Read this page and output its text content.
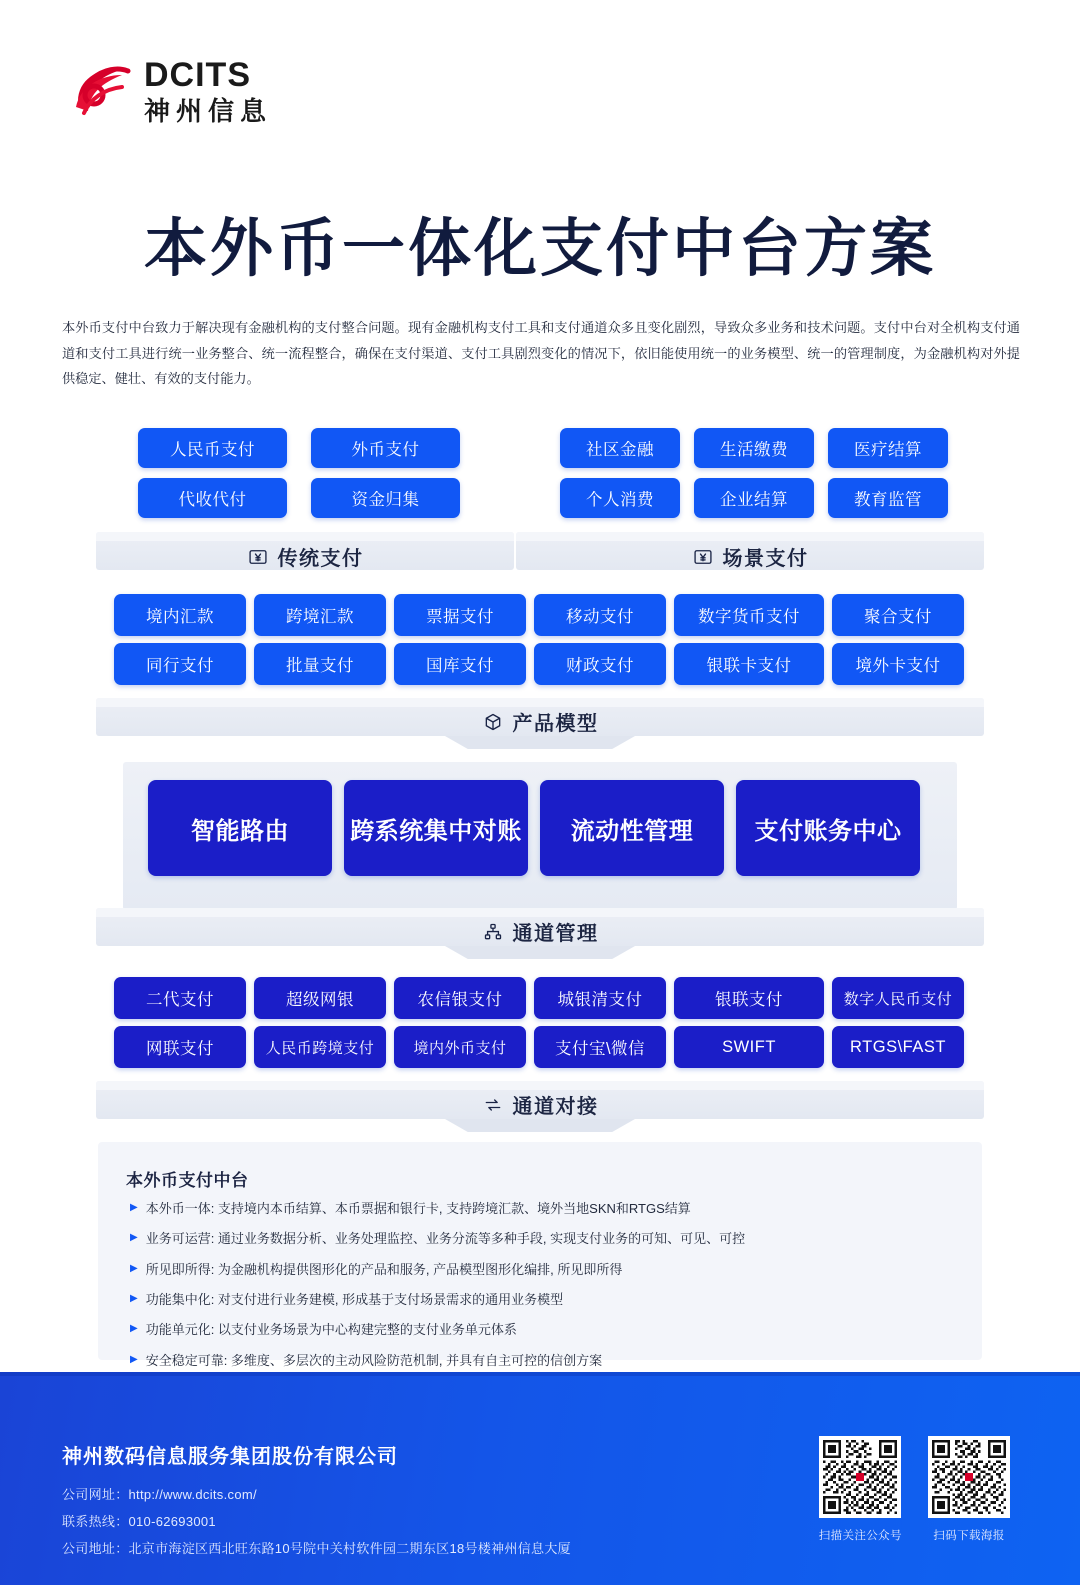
DCITS
神州信息
本外币一体化支付中台方案
本外币支付中台致力于解决现有金融机构的支付整合问题。现有金融机构支付工具和支付通道众多且变化剧烈，导致众多业务和技术问题。支付中台对全机构支付通道和支付工具进行统一业务整合、统一流程整合，确保在支付渠道、支付工具剧烈变化的情况下，依旧能使用统一的业务模型、统一的管理制度，为金融机构对外提供稳定、健壮、有效的支付能力。
人民币支付	外币支付
代收代付	资金归集
传统支付
社区金融	生活缴费	医疗结算
个人消费	企业结算	教育监管
场景支付
境内汇款	跨境汇款	票据支付	移动支付	数字货币支付	聚合支付
同行支付	批量支付	国库支付	财政支付	银联卡支付	境外卡支付
产品模型
智能路由	跨系统集中对账	流动性管理	支付账务中心
通道管理
二代支付	超级网银	农信银支付	城银清支付	银联支付	数字人民币支付
网联支付	人民币跨境支付	境内外币支付	支付宝\微信	SWIFT	RTGS\FAST
通道对接
本外币支付中台
▶ 本外币一体: 支持境内本币结算、本币票据和银行卡, 支持跨境汇款、境外当地SKN和RTGS结算
▶ 业务可运营: 通过业务数据分析、业务处理监控、业务分流等多种手段, 实现支付业务的可知、可见、可控
▶ 所见即所得: 为金融机构提供图形化的产品和服务, 产品模型图形化编排, 所见即所得
▶ 功能集中化: 对支付进行业务建模, 形成基于支付场景需求的通用业务模型
▶ 功能单元化: 以支付业务场景为中心构建完整的支付业务单元体系
▶ 安全稳定可靠: 多维度、多层次的主动风险防范机制, 并具有自主可控的信创方案
神州数码信息服务集团股份有限公司
公司网址：http://www.dcits.com/
联系热线：010-62693001
公司地址：北京市海淀区西北旺东路10号院中关村软件园二期东区18号楼神州信息大厦
扫描关注公众号	扫码下载海报
